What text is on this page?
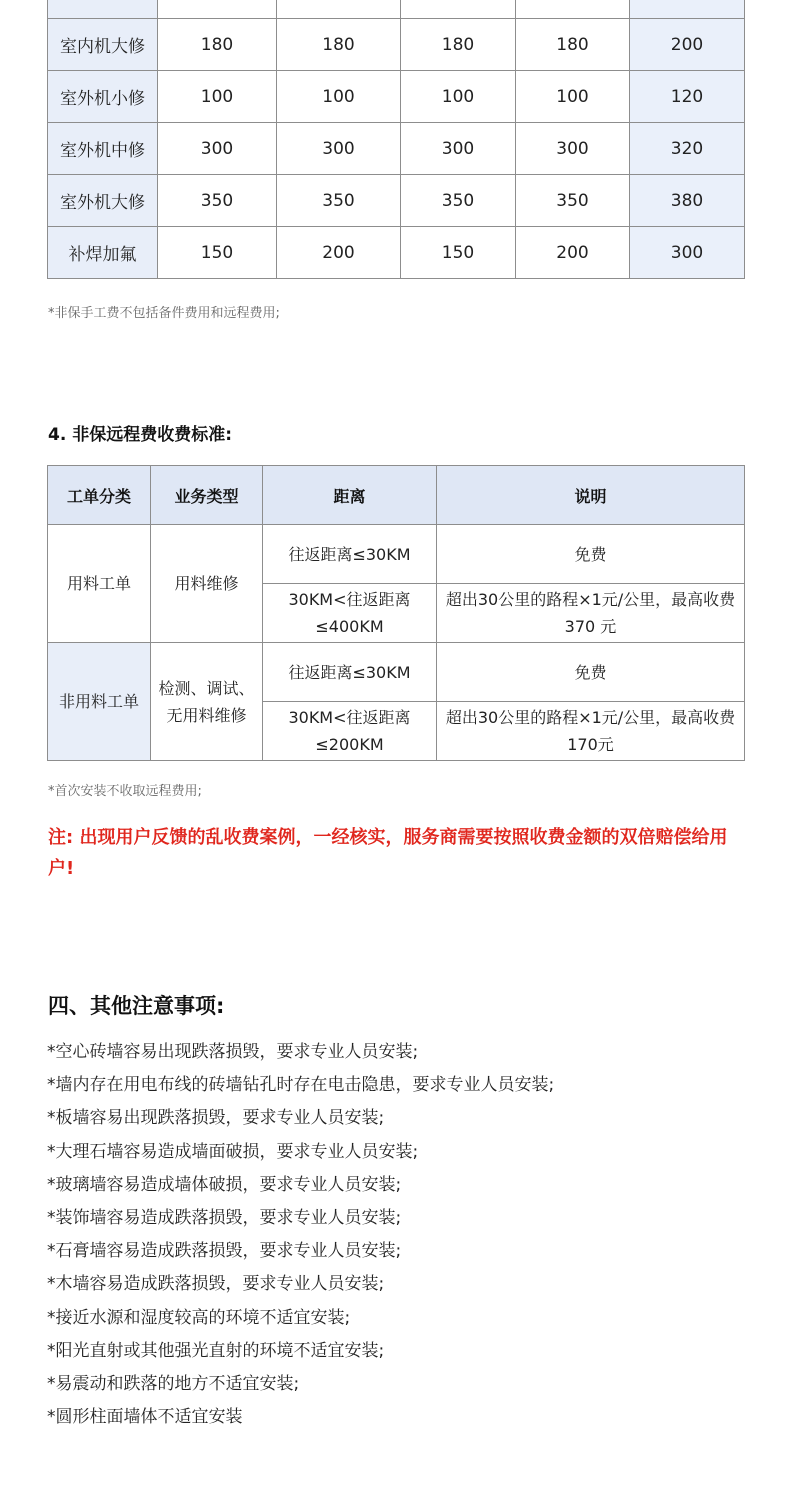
室内机大修	180	180	180	180	200
室外机小修	100	100	100	100	120
室外机中修	300	300	300	300	320
室外机大修	350	350	350	350	380
补焊加氟	150	200	150	200	300
*非保手工费不包括备件费用和远程费用;
4. 非保远程费收费标准:
工单分类	业务类型	距离	说明
用料工单	用料维修	往返距离≤30KM	免费
		30KM<往返距离≤400KM	超出30公里的路程×1元/公里，最高收费370 元
非用料工单	检测、调试、无用料维修	往返距离≤30KM	免费
		30KM<往返距离≤200KM	超出30公里的路程×1元/公里，最高收费170元
*首次安装不收取远程费用;
注: 出现用户反馈的乱收费案例，一经核实，服务商需要按照收费金额的双倍赔偿给用户!
四、其他注意事项:
*空心砖墙容易出现跌落损毁，要求专业人员安装;
*墙内存在用电布线的砖墙钻孔时存在电击隐患，要求专业人员安装;
*板墙容易出现跌落损毁，要求专业人员安装;
*大理石墙容易造成墙面破损，要求专业人员安装;
*玻璃墙容易造成墙体破损，要求专业人员安装;
*装饰墙容易造成跌落损毁，要求专业人员安装;
*石膏墙容易造成跌落损毁，要求专业人员安装;
*木墙容易造成跌落损毁，要求专业人员安装;
*接近水源和湿度较高的环境不适宜安装;
*阳光直射或其他强光直射的环境不适宜安装;
*易震动和跌落的地方不适宜安装;
*圆形柱面墙体不适宜安装
